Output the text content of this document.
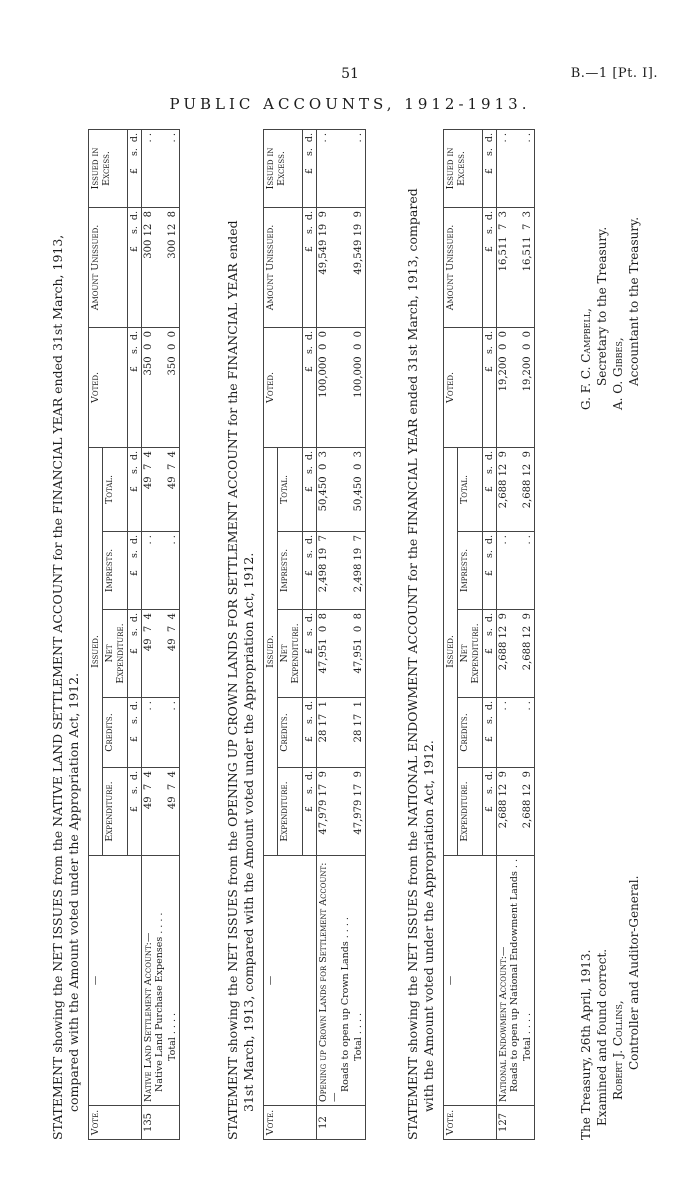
51	B.—1 [Pt. I].
PUBLIC ACCOUNTS, 1912-1913.
STATEMENT showing the NET ISSUES from the NATIVE LAND SETTLEMENT ACCOUNT for the FINANCIAL YEAR ended 31st March, 1913, compared with the Amount voted under the Appropriation Act, 1912.
Vote.	—	Issued.					Voted.	Amount Unissued.	Issued in Excess.
		Expenditure.	Credits.	Net Expenditure.	Imprests.	Total.			
		£    s.  d.	£    s.  d.	£    s.  d.	£    s.  d.	£    s.  d.	£    s.  d.	£    s.  d.	£    s.  d.
135	Native Land Settlement Account:— Native Land Purchase Expenses . . . .	49  7  4	. .	49  7  4	. .	49  7  4	350  0  0	300 12  8	. .
	Total . . . .	49  7  4	. .	49  7  4	. .	49  7  4	350  0  0	300 12  8	. .
STATEMENT showing the NET ISSUES from the OPENING UP CROWN LANDS FOR SETTLEMENT ACCOUNT for the FINANCIAL YEAR ended 31st March, 1913, compared with the Amount voted under the Appropriation Act, 1912.
Vote.	—	Issued.					Voted.	Amount Unissued.	Issued in Excess.
		Expenditure.	Credits.	Net Expenditure.	Imprests.	Total.			
		£    s.  d.	£    s.  d.	£    s.  d.	£    s.  d.	£    s.  d.	£    s.  d.	£    s.  d.	£    s.  d.
12	Opening up Crown Lands for Settlement Account:—
Roads to open up Crown Lands . . . .	47,979 17  9	28 17  1	47,951  0  8	2,498 19  7	50,450  0  3	100,000  0  0	49,549 19  9	. .
	Total . . . .	47,979 17  9	28 17  1	47,951  0  8	2,498 19  7	50,450  0  3	100,000  0  0	49,549 19  9	. .
STATEMENT showing the NET ISSUES from the NATIONAL ENDOWMENT ACCOUNT for the FINANCIAL YEAR ended 31st March, 1913, compared with the Amount voted under the Appropriation Act, 1912.
Vote.	—	Issued.					Voted.	Amount Unissued.	Issued in Excess.
		Expenditure.	Credits.	Net Expenditure.	Imprests.	Total.			
		£    s.  d.	£    s.  d.	£    s.  d.	£    s.  d.	£    s.  d.	£    s.  d.	£    s.  d.	£    s.  d.
127	National Endowment Account:— Roads to open up National Endowment Lands . .	2,688 12  9	. .	2,688 12  9	. .	2,688 12  9	19,200  0  0	16,511  7  3	. .
	Total . . . .	2,688 12  9	. .	2,688 12  9	. .	2,688 12  9	19,200  0  0	16,511  7  3	. .
The Treasury, 26th April, 1913. Examined and found correct. Robert J. Collins, Controller and Auditor-General.
G. F. C. Campbell, Secretary to the Treasury. A. O. Gibbes, Accountant to the Treasury.
